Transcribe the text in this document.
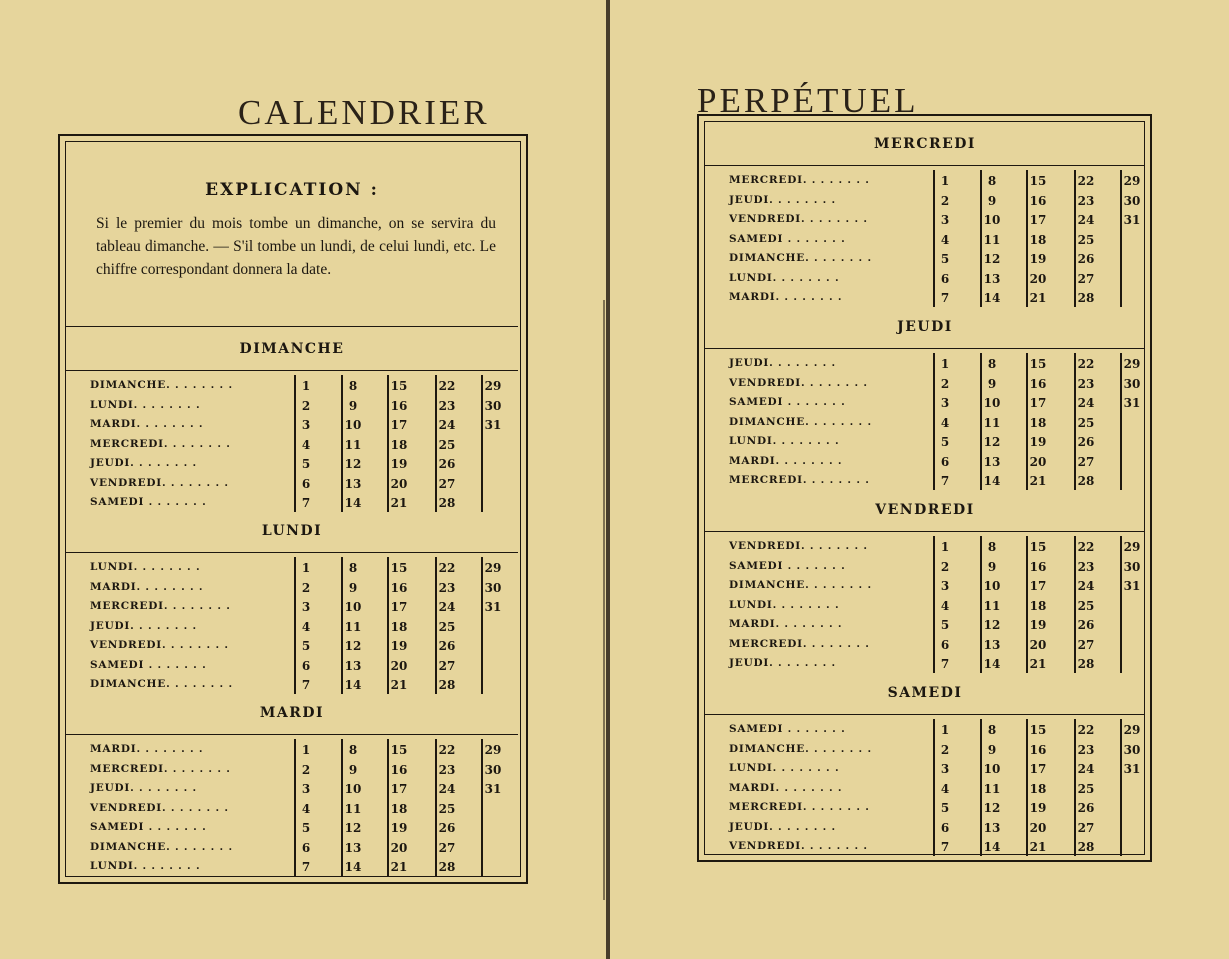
CALENDRIER	PERPÉTUEL
EXPLICATION :

Si le premier du mois tombe un dimanche, on se servira du tableau dimanche. — S'il tombe un lundi, de celui lundi, etc. Le chiffre correspondant donnera la date.

DIMANCHE
DIMANCHE. . . . . . . .	1	8	15	22	29
LUNDI. . . . . . . .	2	9	16	23	30
MARDI. . . . . . . .	3	10	17	24	31
MERCREDI. . . . . . . .	4	11	18	25
JEUDI. . . . . . . .	5	12	19	26
VENDREDI. . . . . . . .	6	13	20	27
SAMEDI . . . . . . .	7	14	21	28
LUNDI
LUNDI. . . . . . . .	1	8	15	22	29
MARDI. . . . . . . .	2	9	16	23	30
MERCREDI. . . . . . . .	3	10	17	24	31
JEUDI. . . . . . . .	4	11	18	25
VENDREDI. . . . . . . .	5	12	19	26
SAMEDI . . . . . . .	6	13	20	27
DIMANCHE. . . . . . . .	7	14	21	28
MARDI
MARDI. . . . . . . .	1	8	15	22	29
MERCREDI. . . . . . . .	2	9	16	23	30
JEUDI. . . . . . . .	3	10	17	24	31
VENDREDI. . . . . . . .	4	11	18	25
SAMEDI . . . . . . .	5	12	19	26
DIMANCHE. . . . . . . .	6	13	20	27
LUNDI. . . . . . . .	7	14	21	28
MERCREDI
MERCREDI. . . . . . . .	1	8	15	22	29
JEUDI. . . . . . . .	2	9	16	23	30
VENDREDI. . . . . . . .	3	10	17	24	31
SAMEDI . . . . . . .	4	11	18	25
DIMANCHE. . . . . . . .	5	12	19	26
LUNDI. . . . . . . .	6	13	20	27
MARDI. . . . . . . .	7	14	21	28
JEUDI
JEUDI. . . . . . . .	1	8	15	22	29
VENDREDI. . . . . . . .	2	9	16	23	30
SAMEDI . . . . . . .	3	10	17	24	31
DIMANCHE. . . . . . . .	4	11	18	25
LUNDI. . . . . . . .	5	12	19	26
MARDI. . . . . . . .	6	13	20	27
MERCREDI. . . . . . . .	7	14	21	28
VENDREDI
VENDREDI. . . . . . . .	1	8	15	22	29
SAMEDI . . . . . . .	2	9	16	23	30
DIMANCHE. . . . . . . .	3	10	17	24	31
LUNDI. . . . . . . .	4	11	18	25
MARDI. . . . . . . .	5	12	19	26
MERCREDI. . . . . . . .	6	13	20	27
JEUDI. . . . . . . .	7	14	21	28
SAMEDI
SAMEDI . . . . . . .	1	8	15	22	29
DIMANCHE. . . . . . . .	2	9	16	23	30
LUNDI. . . . . . . .	3	10	17	24	31
MARDI. . . . . . . .	4	11	18	25
MERCREDI. . . . . . . .	5	12	19	26
JEUDI. . . . . . . .	6	13	20	27
VENDREDI. . . . . . . .	7	14	21	28
